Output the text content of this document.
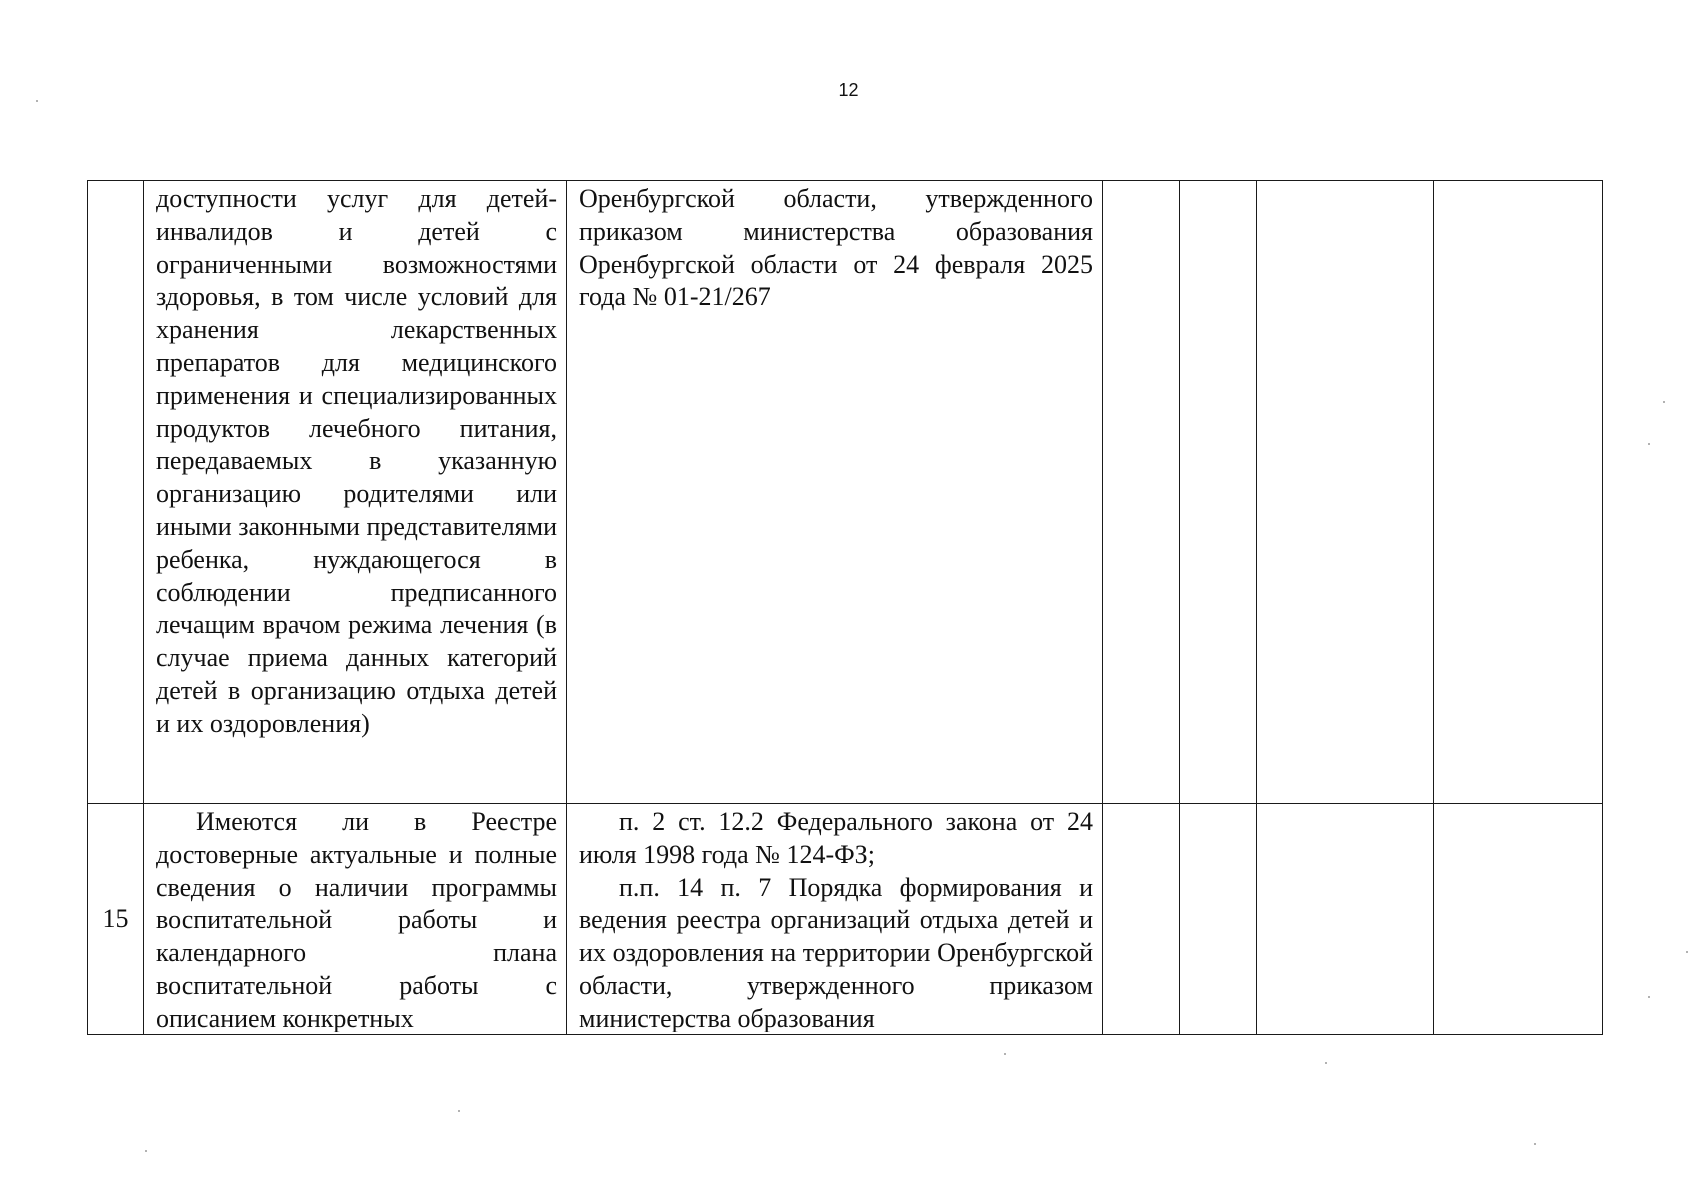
12

	доступности услуг для детей-инвалидов и детей с ограниченными возможностями здоровья, в том числе условий для хранения лекарственных препаратов для медицинского применения и специализированных продуктов лечебного питания, передаваемых в указанную организацию родителями или иными законными представителями ребенка, нуждающегося в соблюдении предписанного лечащим врачом режима лечения (в случае приема данных категорий детей в организацию отдыха детей и их оздоровления)	Оренбургской области, утвержденного приказом министерства образования Оренбургской области от 24 февраля 2025 года № 01-21/267				

15	Имеются ли в Реестре достоверные актуальные и полные сведения о наличии программы воспитательной работы и календарного плана воспитательной работы с описанием конкретных	п. 2 ст. 12.2 Федерального закона от 24 июля 1998 года № 124-ФЗ;

п.п. 14 п. 7 Порядка формирования и ведения реестра организаций отдыха детей и их оздоровления на территории Оренбургской области, утвержденного приказом министерства образования				
